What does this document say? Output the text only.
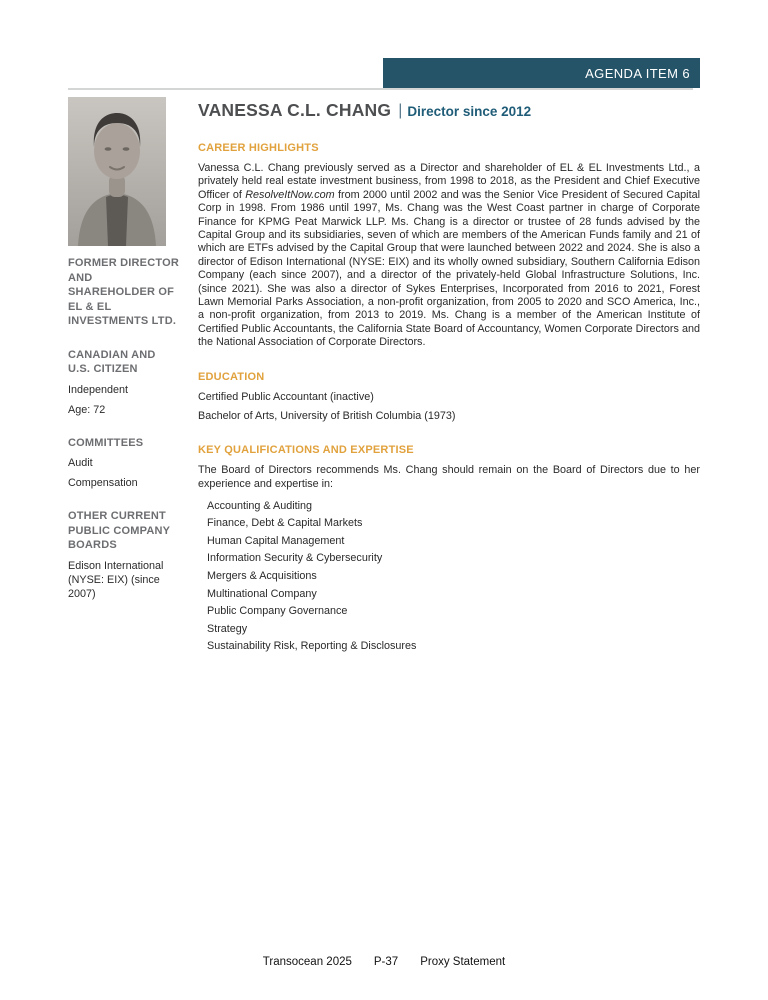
AGENDA ITEM 6
FORMER DIRECTOR AND SHAREHOLDER OF EL & EL INVESTMENTS LTD.
CANADIAN AND U.S. CITIZEN
Independent
Age: 72
COMMITTEES
Audit
Compensation
OTHER CURRENT PUBLIC COMPANY BOARDS
Edison International (NYSE: EIX) (since 2007)
VANESSA C.L. CHANG | Director since 2012
CAREER HIGHLIGHTS
Vanessa C.L. Chang previously served as a Director and shareholder of EL & EL Investments Ltd., a privately held real estate investment business, from 1998 to 2018, as the President and Chief Executive Officer of ResolveItNow.com from 2000 until 2002 and was the Senior Vice President of Secured Capital Corp in 1998. From 1986 until 1997, Ms. Chang was the West Coast partner in charge of Corporate Finance for KPMG Peat Marwick LLP. Ms. Chang is a director or trustee of 28 funds advised by the Capital Group and its subsidiaries, seven of which are members of the American Funds family and 21 of which are ETFs advised by the Capital Group that were launched between 2022 and 2024. She is also a director of Edison International (NYSE: EIX) and its wholly owned subsidiary, Southern California Edison Company (each since 2007), and a director of the privately-held Global Infrastructure Solutions, Inc. (since 2021). She was also a director of Sykes Enterprises, Incorporated from 2016 to 2021, Forest Lawn Memorial Parks Association, a non-profit organization, from 2005 to 2020 and SCO America, Inc., a non-profit organization, from 2013 to 2019. Ms. Chang is a member of the American Institute of Certified Public Accountants, the California State Board of Accountancy, Women Corporate Directors and the National Association of Corporate Directors.
EDUCATION
Certified Public Accountant (inactive)
Bachelor of Arts, University of British Columbia (1973)
KEY QUALIFICATIONS AND EXPERTISE
The Board of Directors recommends Ms. Chang should remain on the Board of Directors due to her experience and expertise in:
Accounting & Auditing
Finance, Debt & Capital Markets
Human Capital Management
Information Security & Cybersecurity
Mergers & Acquisitions
Multinational Company
Public Company Governance
Strategy
Sustainability Risk, Reporting & Disclosures
Transocean 2025 P-37 Proxy Statement
